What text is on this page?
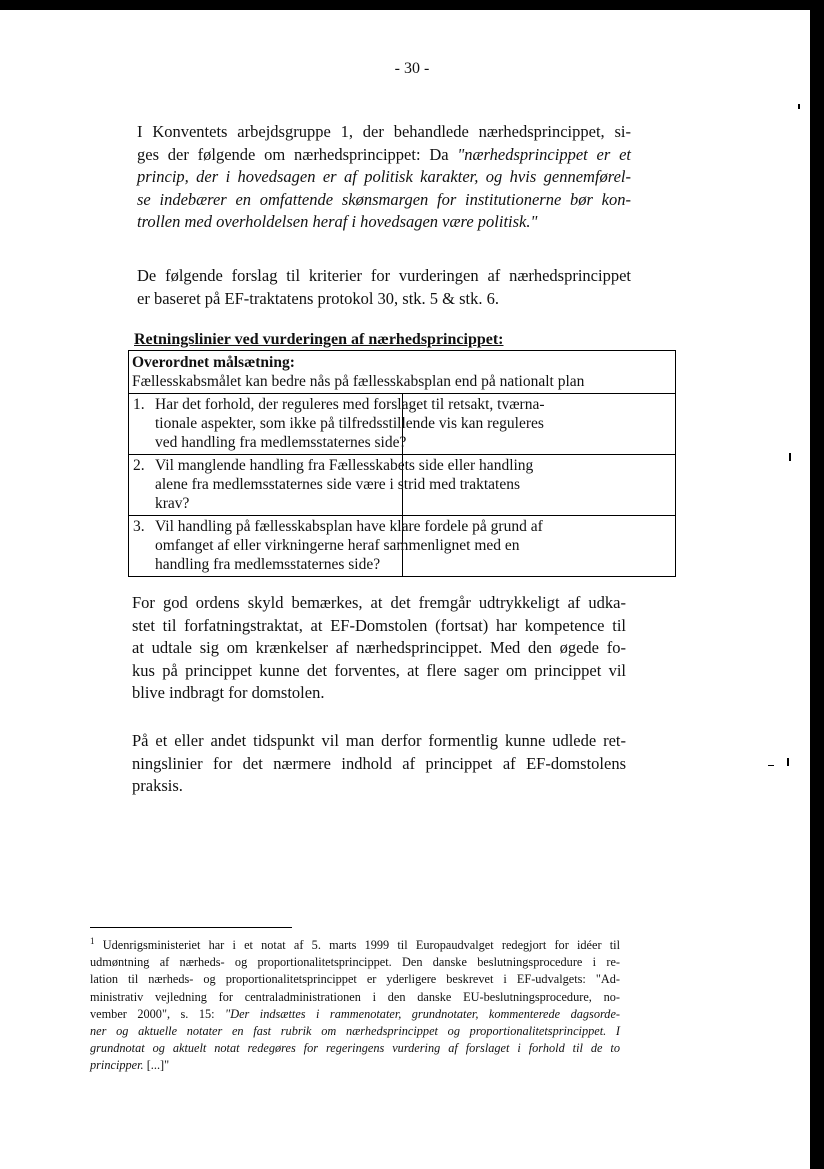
- 30 -

I Konventets arbejdsgruppe 1, der behandlede nærhedsprincippet, si-
ges der følgende om nærhedsprincippet: Da "nærhedsprincippet er et
princip, der i hovedsagen er af politisk karakter, og hvis gennemførel-
se indebærer en omfattende skønsmargen for institutionerne bør kon-
trollen med overholdelsen heraf i hovedsagen være politisk."

De følgende forslag til kriterier for vurderingen af nærhedsprincippet
er baseret på EF-traktatens protokol 30, stk. 5 & stk. 6.

Retningslinier ved vurderingen af nærhedsprincippet:
Overordnet målsætning:
Fællesskabsmålet kan bedre nås på fællesskabsplan end på nationalt plan	

1. Har det forhold, der reguleres med forslaget til retsakt, tværna-
tionale aspekter, som ikke på tilfredsstillende vis kan reguleres
ved handling fra medlemsstaternes side?	

2. Vil manglende handling fra Fællesskabets side eller handling
alene fra medlemsstaternes side være i strid med traktatens
krav?	

3. Vil handling på fællesskabsplan have klare fordele på grund af
omfanget af eller virkningerne heraf sammenlignet med en
handling fra medlemsstaternes side?	

For god ordens skyld bemærkes, at det fremgår udtrykkeligt af udka-
stet til forfatningstraktat, at EF-Domstolen (fortsat) har kompetence til
at udtale sig om krænkelser af nærhedsprincippet. Med den øgede fo-
kus på princippet kunne det forventes, at flere sager om princippet vil
blive indbragt for domstolen.

På et eller andet tidspunkt vil man derfor formentlig kunne udlede ret-
ningslinier for det nærmere indhold af princippet af EF-domstolens
praksis.

$^1$ Udenrigsministeriet har i et notat af 5. marts 1999 til Europaudvalget redegjort for idéer til
udmøntning af nærheds- og proportionalitetsprincippet. Den danske beslutningsprocedure i re-
lation til nærheds- og proportionalitetsprincippet er yderligere beskrevet i EF-udvalgets: "Ad-
ministrativ vejledning for centraladministrationen i den danske EU-beslutningsprocedure, no-
vember 2000", s. 15: "Der indsættes i rammenotater, grundnotater, kommenterede dagsorde-
ner og aktuelle notater en fast rubrik om nærhedsprincippet og proportionalitetsprincippet. I
grundnotat og aktuelt notat redegøres for regeringens vurdering af forslaget i forhold til de to
principper. [...]"
